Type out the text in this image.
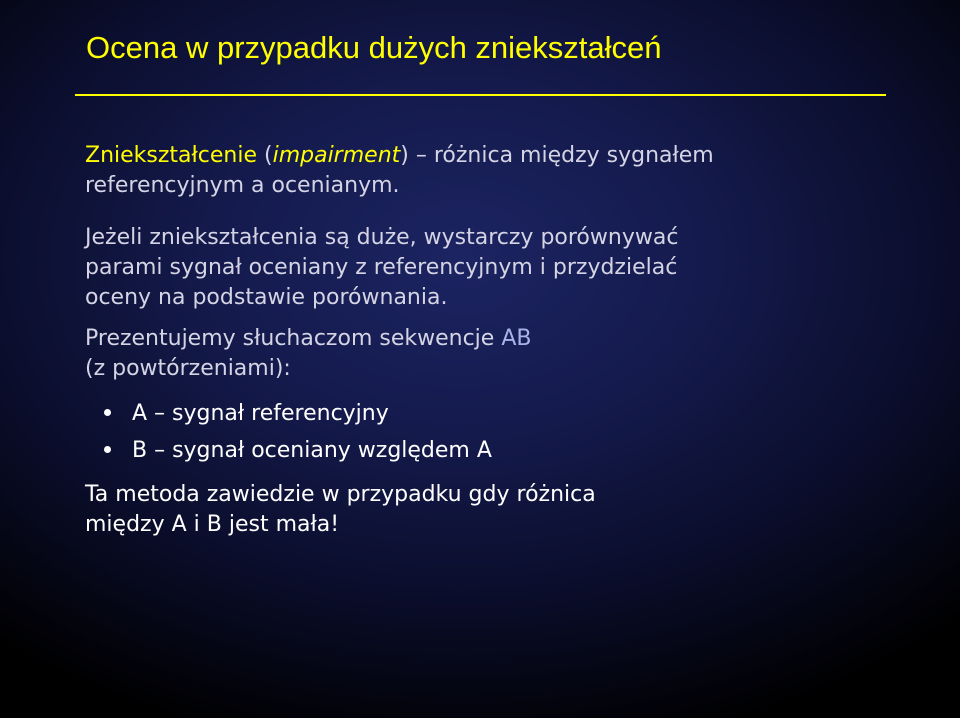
Ocena w przypadku dużych zniekształceń
Zniekształcenie (impairment) – różnica między sygnałem
referencyjnym a ocenianym.
Jeżeli zniekształcenia są duże, wystarczy porównywać
parami sygnał oceniany z referencyjnym i przydzielać
oceny na podstawie porównania.
Prezentujemy słuchaczom sekwencje AB
(z powtórzeniami):
A – sygnał referencyjny
B – sygnał oceniany względem A
Ta metoda zawiedzie w przypadku gdy różnica
między A i B jest mała!
